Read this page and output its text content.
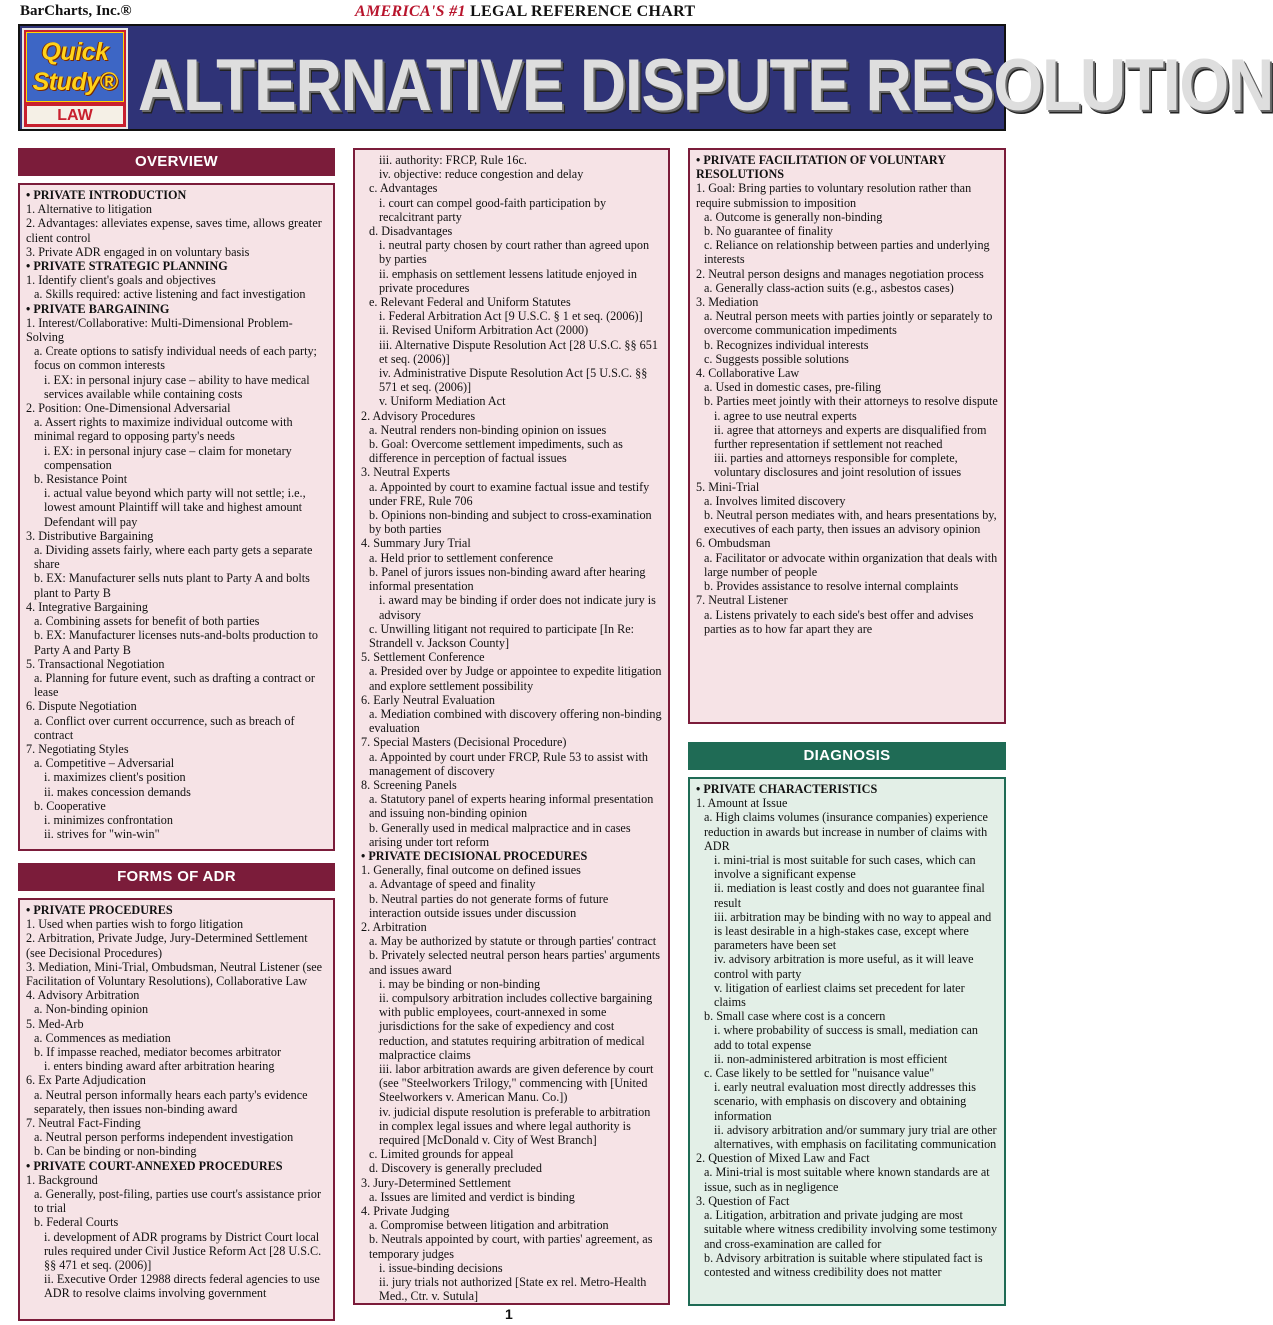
BarCharts, Inc.®	AMERICA'S #1 LEGAL REFERENCE CHART
Quick
Study®
LAW ALTERNATIVE DISPUTE RESOLUTION
OVERVIEW
• PRIVATE INTRODUCTION
1. Alternative to litigation
2. Advantages: alleviates expense, saves time, allows greater client control
3. Private ADR engaged in on voluntary basis
• PRIVATE STRATEGIC PLANNING
1. Identify client's goals and objectives
a. Skills required: active listening and fact investigation
• PRIVATE BARGAINING
1. Interest/Collaborative: Multi-Dimensional Problem-Solving
a. Create options to satisfy individual needs of each party; focus on common interests
i. EX: in personal injury case – ability to have medical services available while containing costs
2. Position: One-Dimensional Adversarial
a. Assert rights to maximize individual outcome with minimal regard to opposing party's needs
i. EX: in personal injury case – claim for monetary compensation
b. Resistance Point
i. actual value beyond which party will not settle; i.e., lowest amount Plaintiff will take and highest amount Defendant will pay
3. Distributive Bargaining
a. Dividing assets fairly, where each party gets a separate share
b. EX: Manufacturer sells nuts plant to Party A and bolts plant to Party B
4. Integrative Bargaining
a. Combining assets for benefit of both parties
b. EX: Manufacturer licenses nuts-and-bolts production to Party A and Party B
5. Transactional Negotiation
a. Planning for future event, such as drafting a contract or lease
6. Dispute Negotiation
a. Conflict over current occurrence, such as breach of contract
7. Negotiating Styles
a. Competitive – Adversarial
i. maximizes client's position
ii. makes concession demands
b. Cooperative
i. minimizes confrontation
ii. strives for "win-win"
FORMS OF ADR
• PRIVATE PROCEDURES
1. Used when parties wish to forgo litigation
2. Arbitration, Private Judge, Jury-Determined Settlement (see Decisional Procedures)
3. Mediation, Mini-Trial, Ombudsman, Neutral Listener (see Facilitation of Voluntary Resolutions), Collaborative Law
4. Advisory Arbitration
a. Non-binding opinion
5. Med-Arb
a. Commences as mediation
b. If impasse reached, mediator becomes arbitrator
i. enters binding award after arbitration hearing
6. Ex Parte Adjudication
a. Neutral person informally hears each party's evidence separately, then issues non-binding award
7. Neutral Fact-Finding
a. Neutral person performs independent investigation
b. Can be binding or non-binding
• PRIVATE COURT-ANNEXED PROCEDURES
1. Background
a. Generally, post-filing, parties use court's assistance prior to trial
b. Federal Courts
i. development of ADR programs by District Court local rules required under Civil Justice Reform Act [28 U.S.C. §§ 471 et seq. (2006)]
ii. Executive Order 12988 directs federal agencies to use ADR to resolve claims involving government
iii. authority: FRCP, Rule 16c.
iv. objective: reduce congestion and delay
c. Advantages
i. court can compel good-faith participation by recalcitrant party
d. Disadvantages
i. neutral party chosen by court rather than agreed upon by parties
ii. emphasis on settlement lessens latitude enjoyed in private procedures
e. Relevant Federal and Uniform Statutes
i. Federal Arbitration Act [9 U.S.C. § 1 et seq. (2006)]
ii. Revised Uniform Arbitration Act (2000)
iii. Alternative Dispute Resolution Act [28 U.S.C. §§ 651 et seq. (2006)]
iv. Administrative Dispute Resolution Act [5 U.S.C. §§ 571 et seq. (2006)]
v. Uniform Mediation Act
2. Advisory Procedures
a. Neutral renders non-binding opinion on issues
b. Goal: Overcome settlement impediments, such as difference in perception of factual issues
3. Neutral Experts
a. Appointed by court to examine factual issue and testify under FRE, Rule 706
b. Opinions non-binding and subject to cross-examination by both parties
4. Summary Jury Trial
a. Held prior to settlement conference
b. Panel of jurors issues non-binding award after hearing informal presentation
i. award may be binding if order does not indicate jury is advisory
c. Unwilling litigant not required to participate [In Re: Strandell v. Jackson County]
5. Settlement Conference
a. Presided over by Judge or appointee to expedite litigation and explore settlement possibility
6. Early Neutral Evaluation
a. Mediation combined with discovery offering non-binding evaluation
7. Special Masters (Decisional Procedure)
a. Appointed by court under FRCP, Rule 53 to assist with management of discovery
8. Screening Panels
a. Statutory panel of experts hearing informal presentation and issuing non-binding opinion
b. Generally used in medical malpractice and in cases arising under tort reform
• PRIVATE DECISIONAL PROCEDURES
1. Generally, final outcome on defined issues
a. Advantage of speed and finality
b. Neutral parties do not generate forms of future interaction outside issues under discussion
2. Arbitration
a. May be authorized by statute or through parties' contract
b. Privately selected neutral person hears parties' arguments and issues award
i. may be binding or non-binding
ii. compulsory arbitration includes collective bargaining with public employees, court-annexed in some jurisdictions for the sake of expediency and cost reduction, and statutes requiring arbitration of medical malpractice claims
iii. labor arbitration awards are given deference by court (see "Steelworkers Trilogy," commencing with [United Steelworkers v. American Manu. Co.])
iv. judicial dispute resolution is preferable to arbitration in complex legal issues and where legal authority is required [McDonald v. City of West Branch]
c. Limited grounds for appeal
d. Discovery is generally precluded
3. Jury-Determined Settlement
a. Issues are limited and verdict is binding
4. Private Judging
a. Compromise between litigation and arbitration
b. Neutrals appointed by court, with parties' agreement, as temporary judges
i. issue-binding decisions
ii. jury trials not authorized [State ex rel. Metro-Health Med., Ctr. v. Sutula]
• PRIVATE FACILITATION OF VOLUNTARY RESOLUTIONS
1. Goal: Bring parties to voluntary resolution rather than require submission to imposition
a. Outcome is generally non-binding
b. No guarantee of finality
c. Reliance on relationship between parties and underlying interests
2. Neutral person designs and manages negotiation process
a. Generally class-action suits (e.g., asbestos cases)
3. Mediation
a. Neutral person meets with parties jointly or separately to overcome communication impediments
b. Recognizes individual interests
c. Suggests possible solutions
4. Collaborative Law
a. Used in domestic cases, pre-filing
b. Parties meet jointly with their attorneys to resolve dispute
i. agree to use neutral experts
ii. agree that attorneys and experts are disqualified from further representation if settlement not reached
iii. parties and attorneys responsible for complete, voluntary disclosures and joint resolution of issues
5. Mini-Trial
a. Involves limited discovery
b. Neutral person mediates with, and hears presentations by, executives of each party, then issues an advisory opinion
6. Ombudsman
a. Facilitator or advocate within organization that deals with large number of people
b. Provides assistance to resolve internal complaints
7. Neutral Listener
a. Listens privately to each side's best offer and advises parties as to how far apart they are
DIAGNOSIS
• PRIVATE CHARACTERISTICS
1. Amount at Issue
a. High claims volumes (insurance companies) experience reduction in awards but increase in number of claims with ADR
i. mini-trial is most suitable for such cases, which can involve a significant expense
ii. mediation is least costly and does not guarantee final result
iii. arbitration may be binding with no way to appeal and is least desirable in a high-stakes case, except where parameters have been set
iv. advisory arbitration is more useful, as it will leave control with party
v. litigation of earliest claims set precedent for later claims
b. Small case where cost is a concern
i. where probability of success is small, mediation can add to total expense
ii. non-administered arbitration is most efficient
c. Case likely to be settled for "nuisance value"
i. early neutral evaluation most directly addresses this scenario, with emphasis on discovery and obtaining information
ii. advisory arbitration and/or summary jury trial are other alternatives, with emphasis on facilitating communication
2. Question of Mixed Law and Fact
a. Mini-trial is most suitable where known standards are at issue, such as in negligence
3. Question of Fact
a. Litigation, arbitration and private judging are most suitable where witness credibility involving some testimony and cross-examination are called for
b. Advisory arbitration is suitable where stipulated fact is contested and witness credibility does not matter
1
